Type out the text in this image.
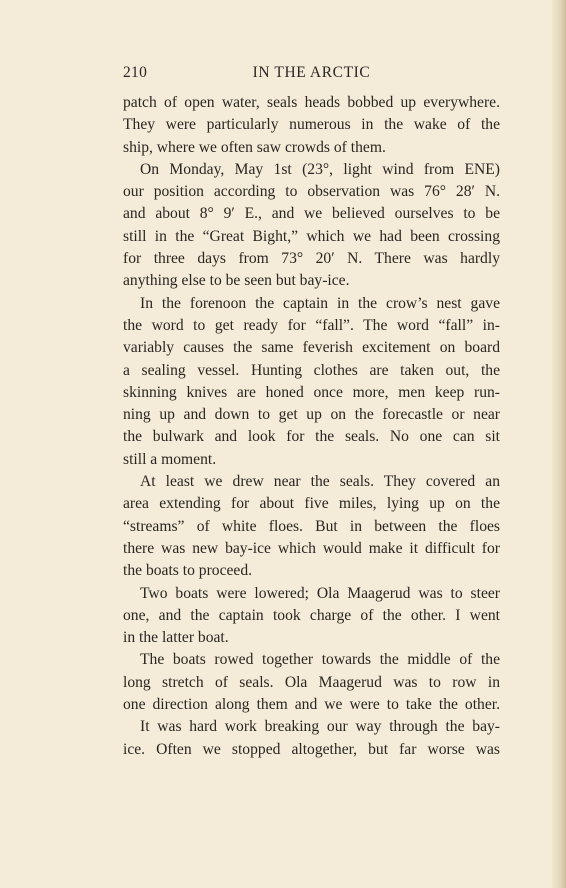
210	IN THE ARCTIC
patch of open water, seals heads bobbed up everywhere.
They were particularly numerous in the wake of the
ship, where we often saw crowds of them.
On Monday, May 1st (23°, light wind from ENE)
our position according to observation was 76° 28′ N.
and about 8° 9′ E., and we believed ourselves to be
still in the “Great Bight,” which we had been crossing
for three days from 73° 20′ N. There was hardly
anything else to be seen but bay-ice.
In the forenoon the captain in the crow’s nest gave
the word to get ready for “fall”. The word “fall” in-
variably causes the same feverish excitement on board
a sealing vessel. Hunting clothes are taken out, the
skinning knives are honed once more, men keep run-
ning up and down to get up on the forecastle or near
the bulwark and look for the seals. No one can sit
still a moment.
At least we drew near the seals. They covered an
area extending for about five miles, lying up on the
“streams” of white floes. But in between the floes
there was new bay-ice which would make it difficult for
the boats to proceed.
Two boats were lowered; Ola Maagerud was to steer
one, and the captain took charge of the other. I went
in the latter boat.
The boats rowed together towards the middle of the
long stretch of seals. Ola Maagerud was to row in
one direction along them and we were to take the other.
It was hard work breaking our way through the bay-
ice. Often we stopped altogether, but far worse was
